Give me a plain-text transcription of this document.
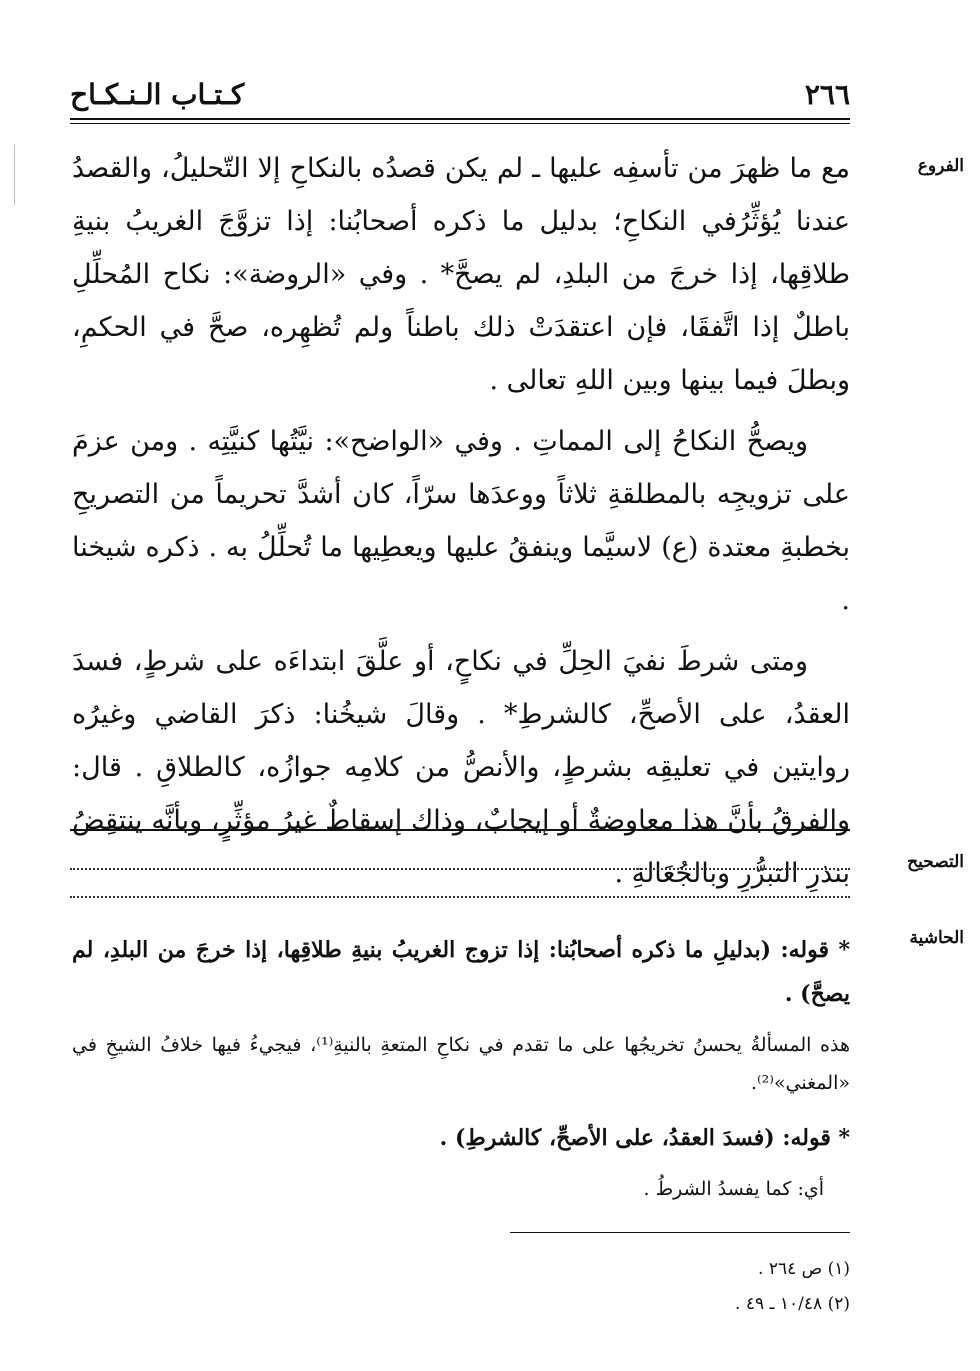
٢٦٦
كـتـاب الـنـكـاح
الفروع

مع ما ظهرَ من تأسفِه عليها ـ لم يكن قصدُه بالنكاحِ إلا التّحليلُ، والقصدُ عندنا يُؤثِّرُفي النكاحِ؛ بدليل ما ذكره أصحابُنا: إذا تزوَّجَ الغريبُ بنيةِ طلاقِها، إذا خرجَ من البلدِ، لم يصحَّ* . وفي «الروضة»: نكاح المُحلِّلِ باطلٌ إذا اتَّفقَا، فإن اعتقدَتْ ذلك باطناً ولم تُظهِره، صحَّ في الحكمِ، وبطلَ فيما بينها وبين اللهِ تعالى .

ويصحُّ النكاحُ إلى المماتِ . وفي «الواضح»: نيَّتُها كنيَّتِه . ومن عزمَ على تزويجِه بالمطلقةِ ثلاثاً ووعدَها سرّاً، كان أشدَّ تحريماً من التصريحِ بخطبةِ معتدة (ع) لاسيَّما وينفقُ عليها ويعطِيها ما تُحلِّلُ به . ذكره شيخنا .

ومتى شرطَ نفيَ الحِلِّ في نكاحٍ، أو علَّقَ ابتداءَه على شرطٍ، فسدَ العقدُ، على الأصحِّ، كالشرطِ* . وقالَ شيخُنا: ذكرَ القاضي وغيرُه روايتين في تعليقِه بشرطٍ، والأنصُّ من كلامِه جوازُه، كالطلاقِ . قال: والفرقُ بأنَّ هذا معاوضةٌ أو إيجابٌ، وذاك إسقاطٌ غيرُ مؤثِّرٍ، وبأنَّه ينتقِضُ بنذرِ التبرُّرِ وبالجُعَالةِ .	التصحيح
الحاشية

* قوله: (بدليلِ ما ذكره أصحابُنا: إذا تزوج الغريبُ بنيةِ طلاقِها، إذا خرجَ من البلدِ، لم يصحَّ) .

هذه المسألةُ يحسنُ تخريجُها على ما تقدم في نكاحِ المتعةِ بالنيةِ⁽¹⁾، فيجيءُ فيها خلافُ الشيخِ في «المغني»⁽²⁾.

* قوله: (فسدَ العقدُ، على الأصحِّ، كالشرطِ) .

أي: كما يفسدُ الشرطُ .

(١) ص ٢٦٤ .
(٢) ١٠/٤٨ ـ ٤٩ .
